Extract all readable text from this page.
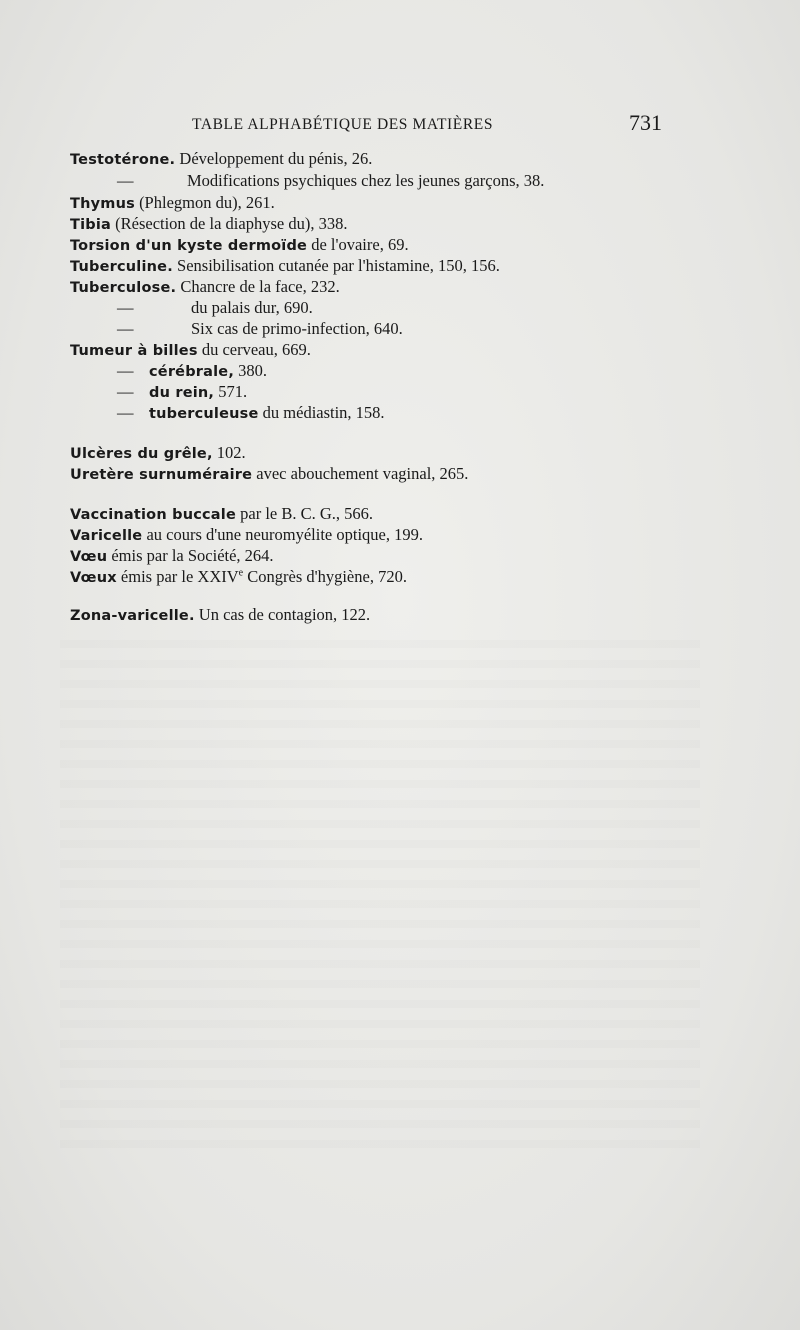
TABLE ALPHABÉTIQUE DES MATIÈRES	731
Testotérone. Développement du pénis, 26.
—	Modifications psychiques chez les jeunes garçons, 38.
Thymus (Phlegmon du), 261.
Tibia (Résection de la diaphyse du), 338.
Torsion d'un kyste dermoïde de l'ovaire, 69.
Tuberculine. Sensibilisation cutanée par l'histamine, 150, 156.
Tuberculose. Chancre de la face, 232.
—	du palais dur, 690.
—	Six cas de primo-infection, 640.
Tumeur à billes du cerveau, 669.
— cérébrale, 380.
— du rein, 571.
— tuberculeuse du médiastin, 158.
Ulcères du grêle, 102.
Uretère surnuméraire avec abouchement vaginal, 265.
Vaccination buccale par le B. C. G., 566.
Varicelle au cours d'une neuromyélite optique, 199.
Vœu émis par la Société, 264.
Vœux émis par le XXIVe Congrès d'hygiène, 720.
Zona-varicelle. Un cas de contagion, 122.
